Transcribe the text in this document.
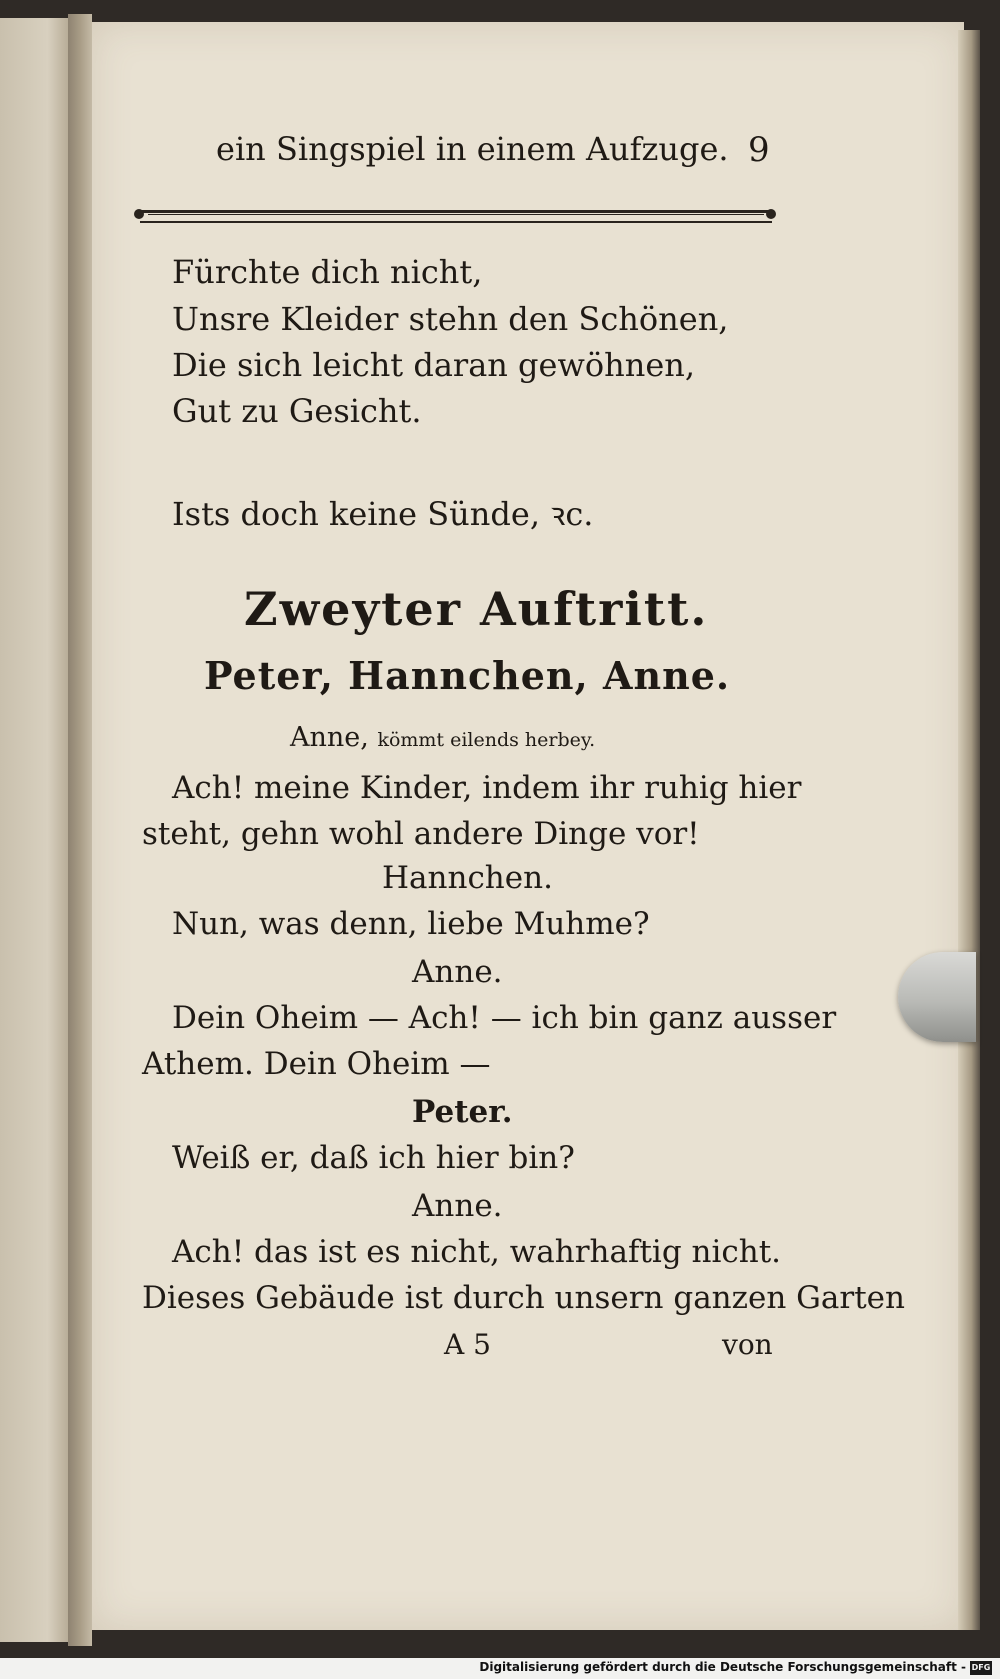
ein Singspiel in einem Aufzuge. 9
Fürchte dich nicht,
Unsre Kleider stehn den Schönen,
Die sich leicht daran gewöhnen,
Gut zu Gesicht.
Ists doch keine Sünde, ꝛc.
Zweyter Auftritt.
Peter, Hannchen, Anne.
Anne, kömmt eilends herbey.
Ach! meine Kinder, indem ihr ruhig hier
steht, gehn wohl andere Dinge vor!
Hannchen.
Nun, was denn, liebe Muhme?
Anne.
Dein Oheim — Ach! — ich bin ganz ausser
Athem. Dein Oheim —
Peter.
Weiß er, daß ich hier bin?
Anne.
Ach! das ist es nicht, wahrhaftig nicht.
Dieses Gebäude ist durch unsern ganzen Garten
A 5	von
Digitalisierung gefördert durch die Deutsche Forschungsgemeinschaft - DFG
